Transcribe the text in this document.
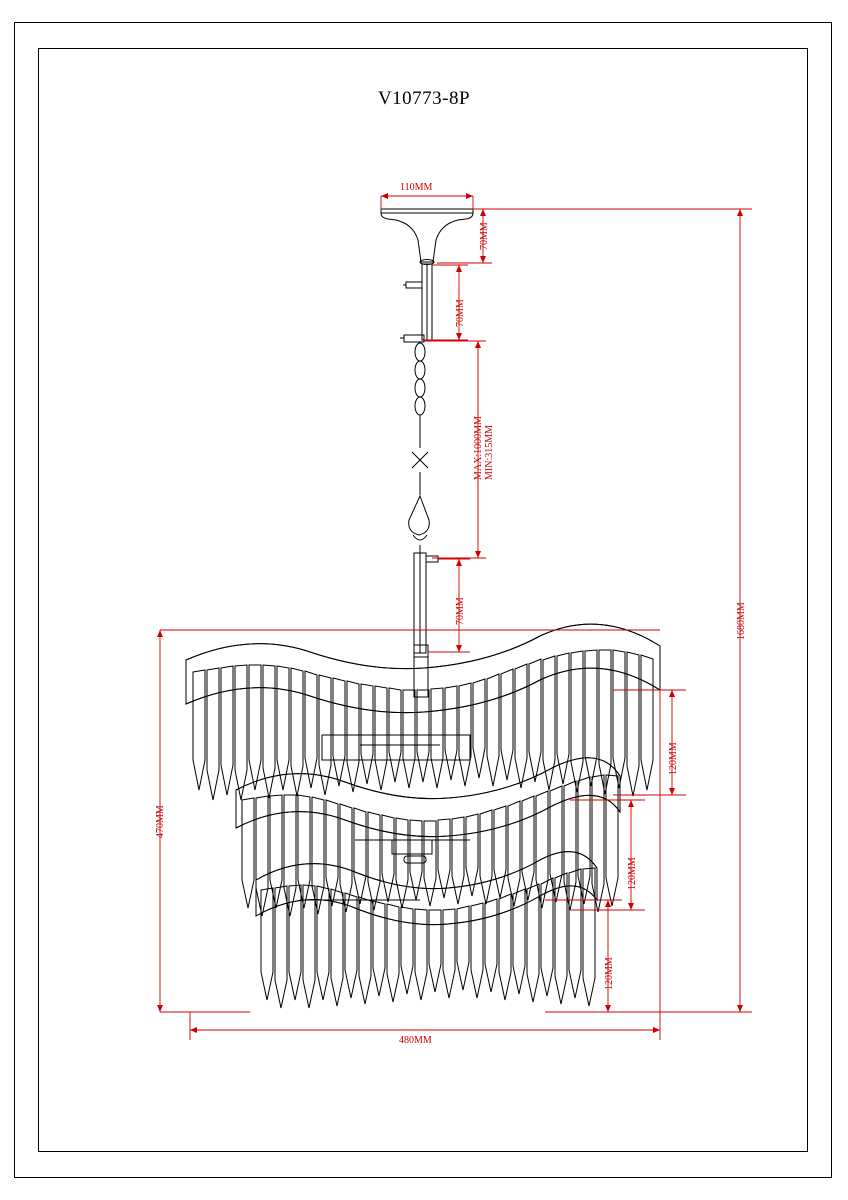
V10773-8P
110MM
70MM
70MM
MAX:1000MM MIN:315MM
70MM	1680MM
470MM
480MM
120MM
120MM
120MM
